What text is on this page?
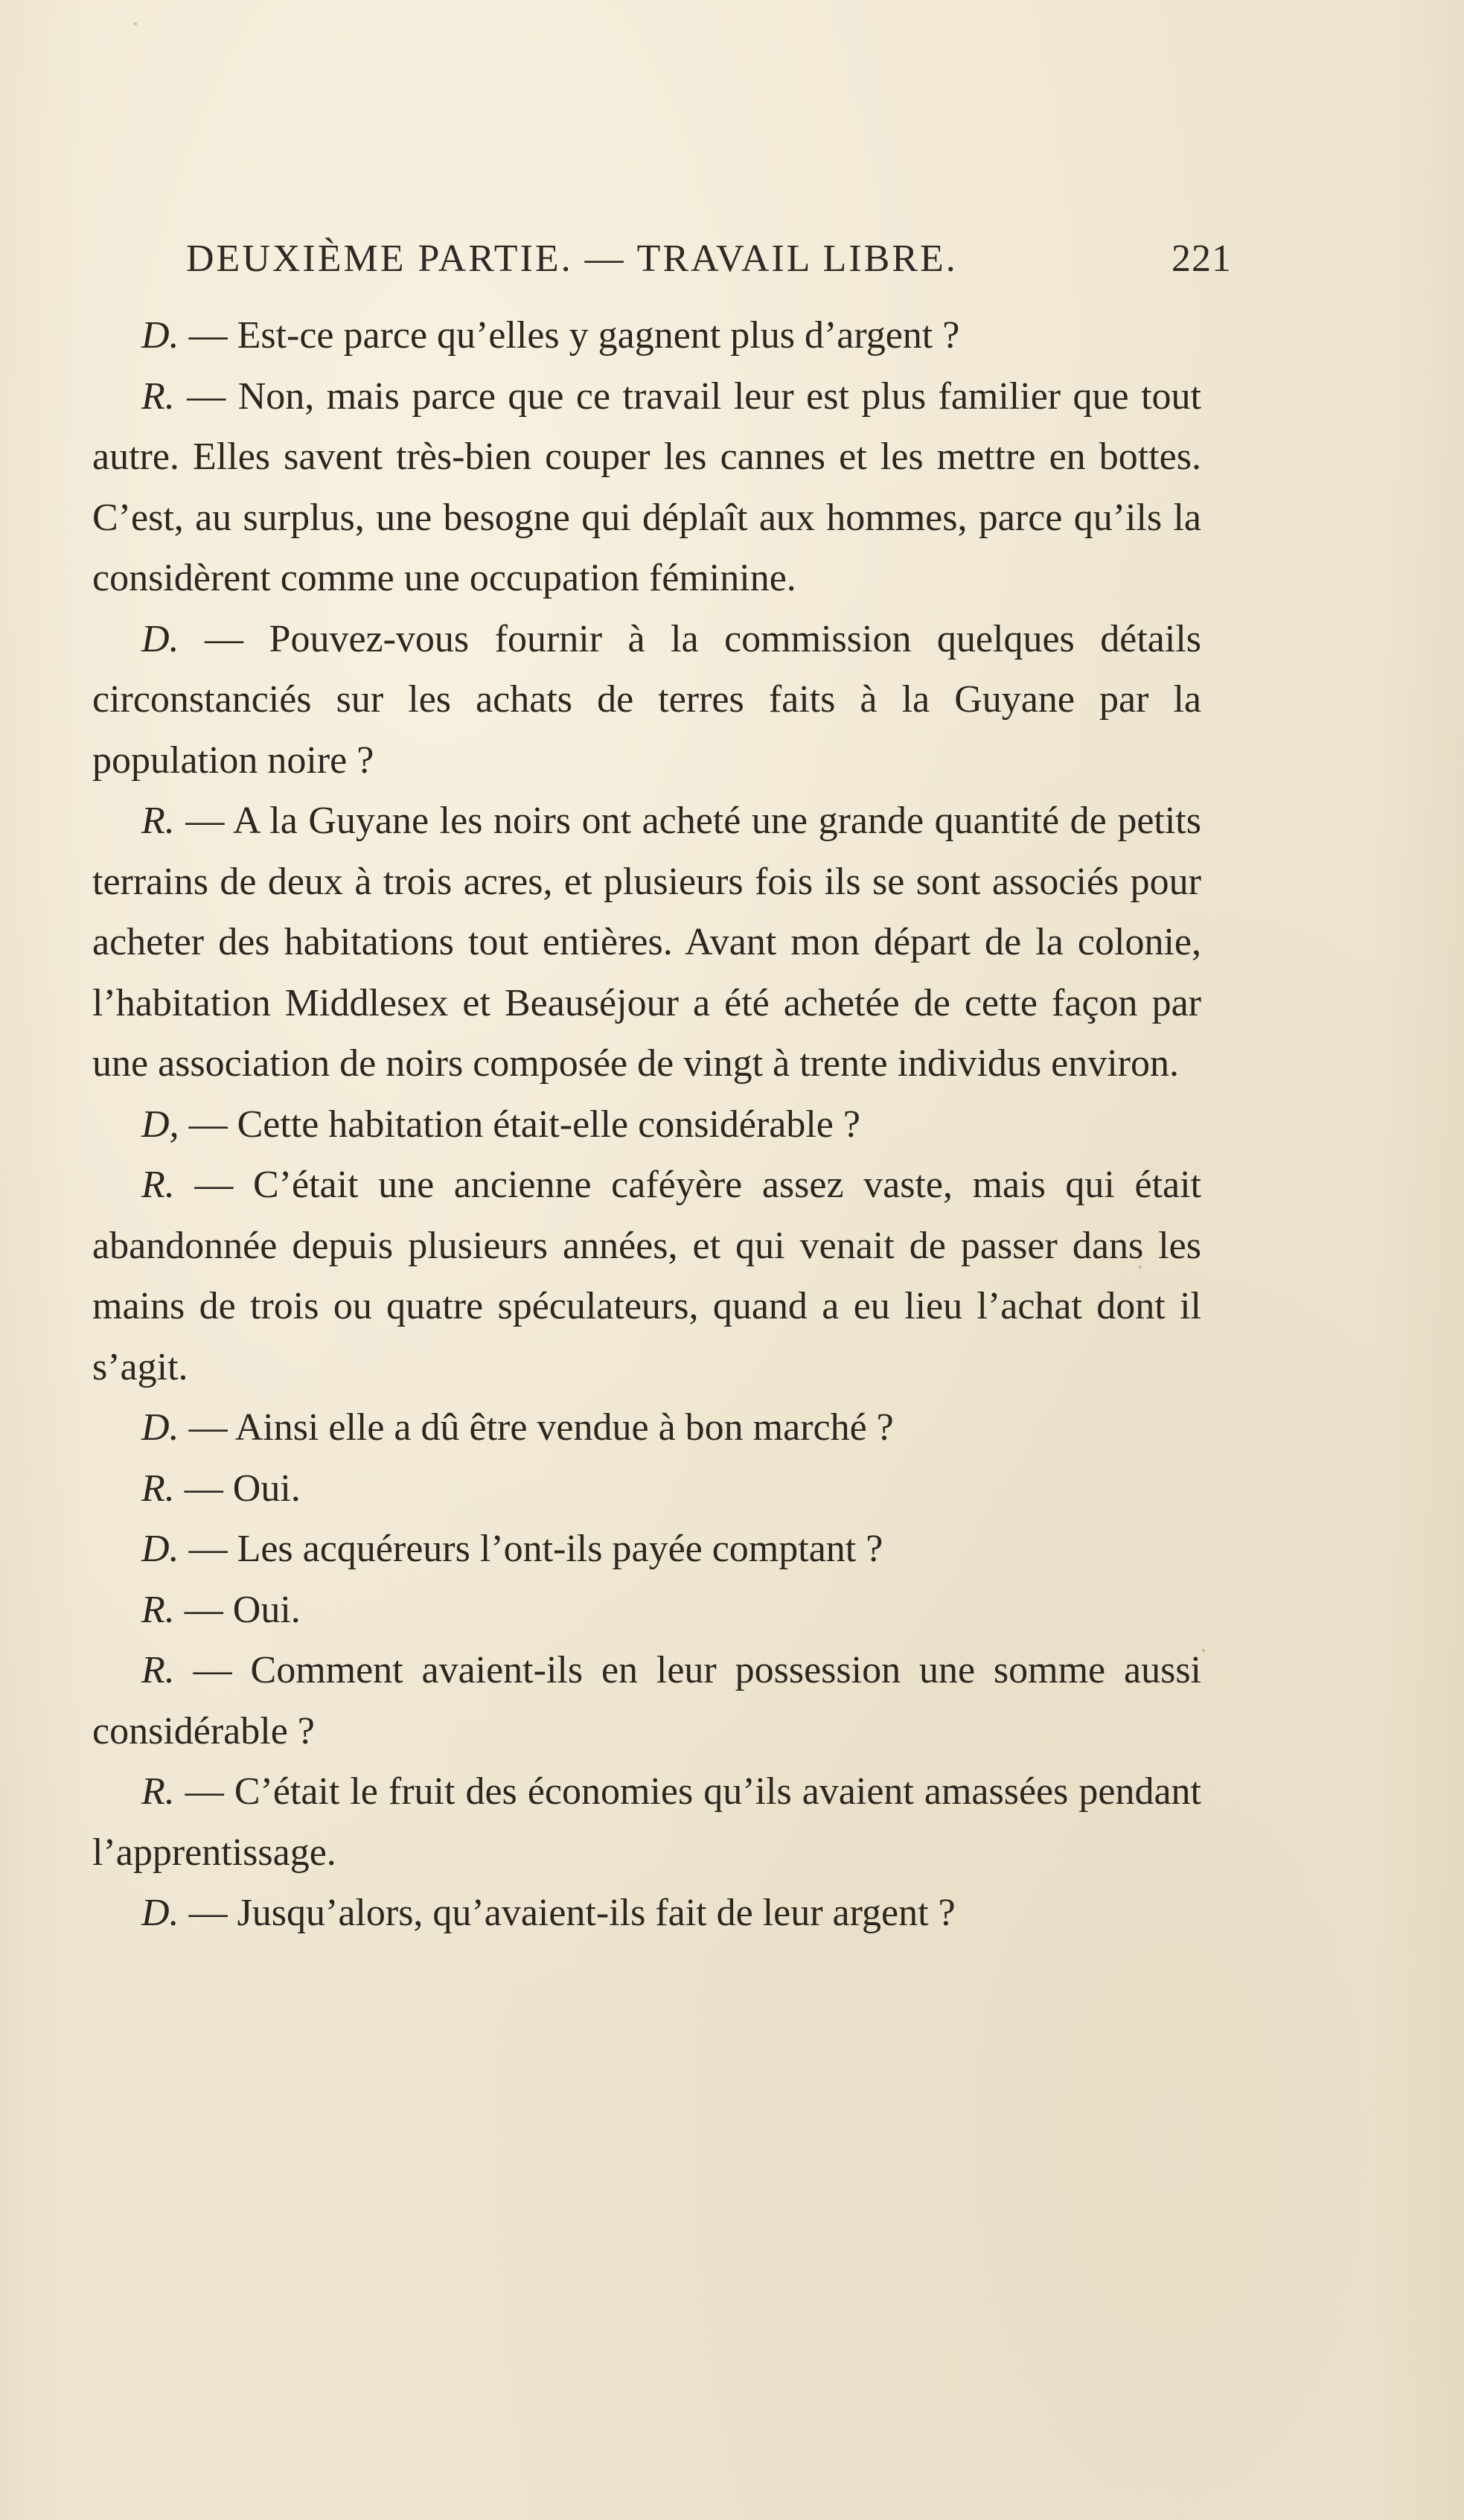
DEUXIÈME PARTIE. — TRAVAIL LIBRE.	221

D. — Est-ce parce qu’elles y gagnent plus d’argent ?

R. — Non, mais parce que ce travail leur est plus familier que tout autre. Elles savent très-bien couper les cannes et les mettre en bottes. C’est, au surplus, une besogne qui déplaît aux hommes, parce qu’ils la considèrent comme une occupation féminine.

D. — Pouvez-vous fournir à la commission quelques détails circonstanciés sur les achats de terres faits à la Guyane par la population noire ?

R. — A la Guyane les noirs ont acheté une grande quantité de petits terrains de deux à trois acres, et plusieurs fois ils se sont associés pour acheter des habitations tout entières. Avant mon départ de la colonie, l’habitation Middlesex et Beauséjour a été achetée de cette façon par une association de noirs composée de vingt à trente individus environ.

D, — Cette habitation était-elle considérable ?

R. — C’était une ancienne caféyère assez vaste, mais qui était abandonnée depuis plusieurs années, et qui venait de passer dans les mains de trois ou quatre spéculateurs, quand a eu lieu l’achat dont il s’agit.

D. — Ainsi elle a dû être vendue à bon marché ?

R. — Oui.

D. — Les acquéreurs l’ont-ils payée comptant ?

R. — Oui.

R. — Comment avaient-ils en leur possession une somme aussi considérable ?

R. — C’était le fruit des économies qu’ils avaient amassées pendant l’apprentissage.

D. — Jusqu’alors, qu’avaient-ils fait de leur argent ?
